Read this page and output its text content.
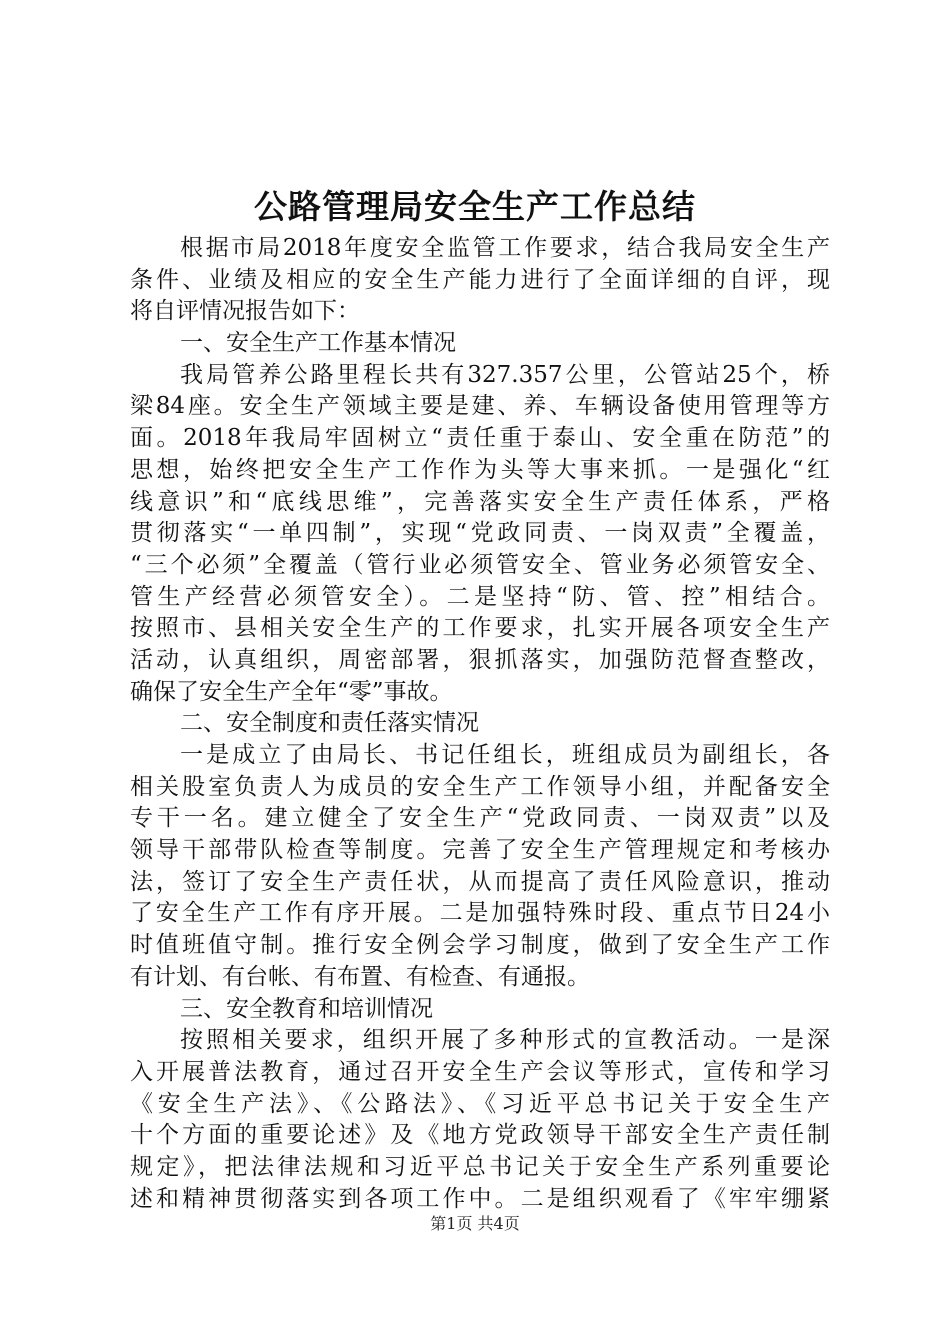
公路管理局安全生产工作总结
根据市局2018年度安全监管工作要求，结合我局安全生产
条件、业绩及相应的安全生产能力进行了全面详细的自评，现
将自评情况报告如下：
一、安全生产工作基本情况
我局管养公路里程长共有327.357公里，公管站25个，桥
梁84座。安全生产领域主要是建、养、车辆设备使用管理等方
面。2018年我局牢固树立“责任重于泰山、安全重在防范”的
思想，始终把安全生产工作作为头等大事来抓。一是强化“红
线意识”和“底线思维”，完善落实安全生产责任体系，严格
贯彻落实“一单四制”，实现“党政同责、一岗双责”全覆盖，
“三个必须”全覆盖（管行业必须管安全、管业务必须管安全、
管生产经营必须管安全）。二是坚持“防、管、控”相结合。
按照市、县相关安全生产的工作要求，扎实开展各项安全生产
活动，认真组织，周密部署，狠抓落实，加强防范督查整改，
确保了安全生产全年“零”事故。
二、安全制度和责任落实情况
一是成立了由局长、书记任组长，班组成员为副组长，各
相关股室负责人为成员的安全生产工作领导小组，并配备安全
专干一名。建立健全了安全生产“党政同责、一岗双责”以及
领导干部带队检查等制度。完善了安全生产管理规定和考核办
法，签订了安全生产责任状，从而提高了责任风险意识，推动
了安全生产工作有序开展。二是加强特殊时段、重点节日24小
时值班值守制。推行安全例会学习制度，做到了安全生产工作
有计划、有台帐、有布置、有检查、有通报。
三、安全教育和培训情况
按照相关要求，组织开展了多种形式的宣教活动。一是深
入开展普法教育，通过召开安全生产会议等形式，宣传和学习
《安全生产法》、《公路法》、《习近平总书记关于安全生产
十个方面的重要论述》及《地方党政领导干部安全生产责任制
规定》，把法律法规和习近平总书记关于安全生产系列重要论
述和精神贯彻落实到各项工作中。二是组织观看了《牢牢绷紧
第1页 共4页
